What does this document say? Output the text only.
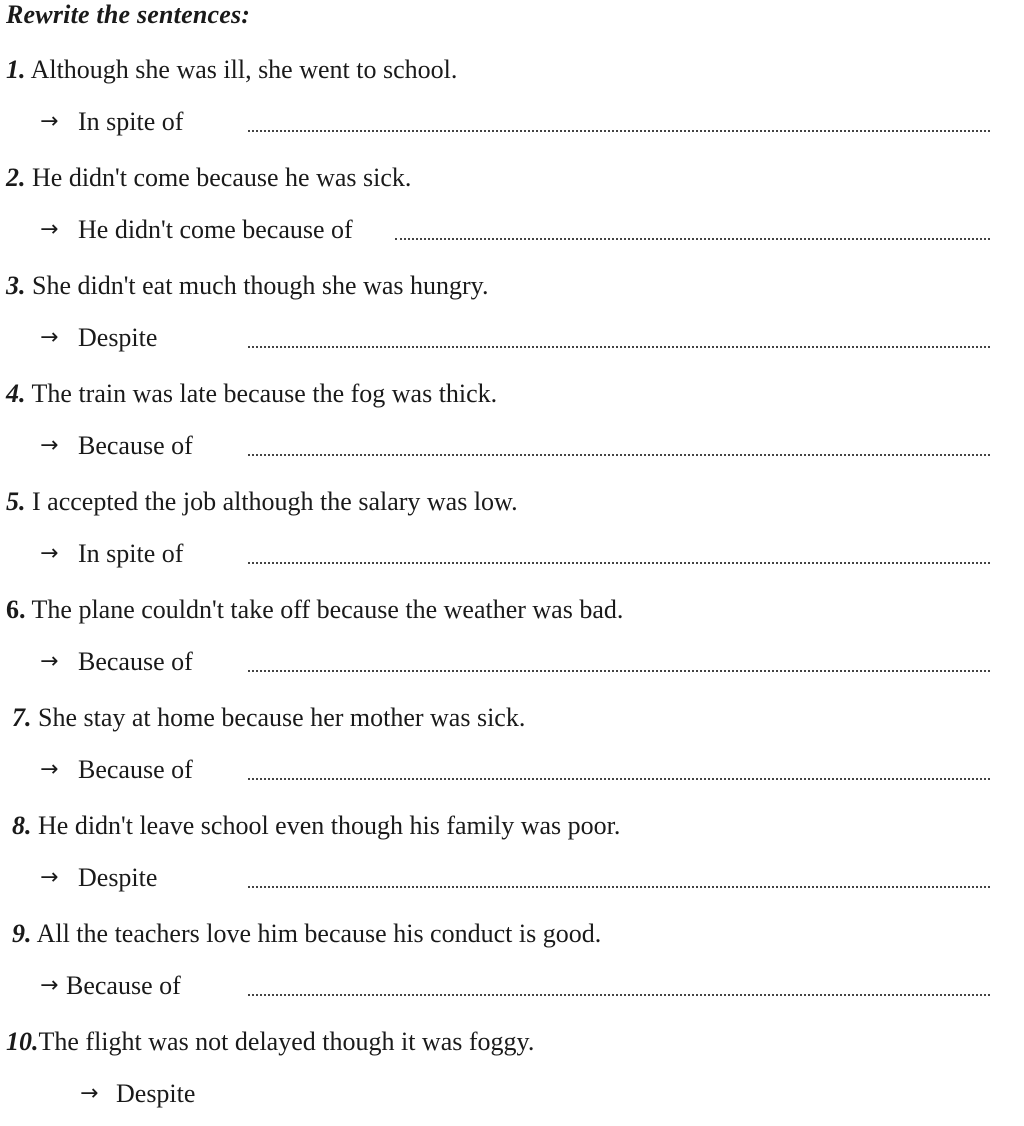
Rewrite the sentences:
1. Although she was ill, she went to school.
→ In spite of
2. He didn't come because he was sick.
→ He didn't come because of
3. She didn't eat much though she was hungry.
→ Despite
4. The train was late because the fog was thick.
→ Because of
5. I accepted the job although the salary was low.
→ In spite of
6. The plane couldn't take off because the weather was bad.
→ Because of
7. She stay at home because her mother was sick.
→ Because of
8. He didn't leave school even though his family was poor.
→ Despite
9. All the teachers love him because his conduct is good.
→ Because of
10.The flight was not delayed though it was foggy.
→ Despite
